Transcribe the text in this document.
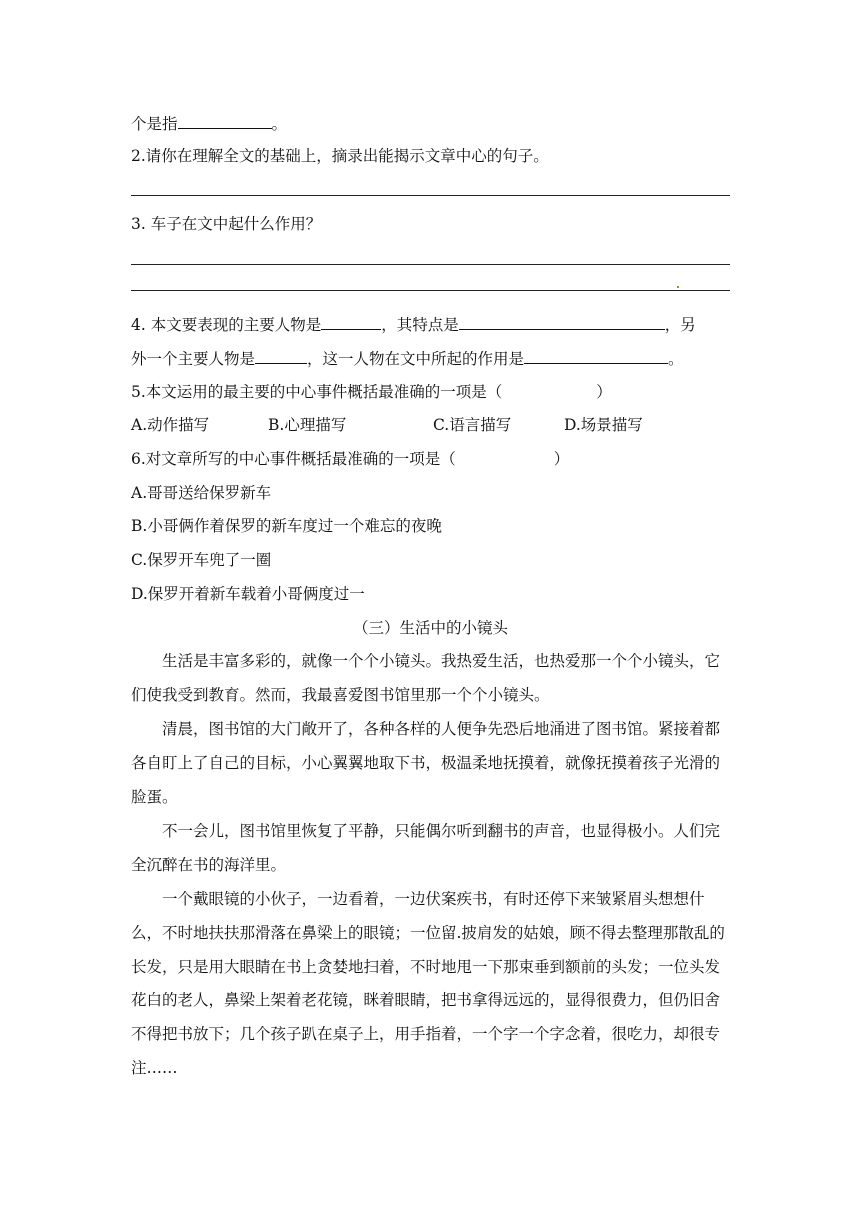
个是指	。
2.请你在理解全文的基础上，摘录出能揭示文章中心的句子。
3. 车子在文中起什么作用？
4. 本文要表现的主要人物是	，其特点是	，另
外一个主要人物是	，这一人物在文中所起的作用是	。
5.本文运用的最主要的中心事件概括最准确的一项是（	）
A.动作描写	B.心理描写	C.语言描写	D.场景描写
6.对文章所写的中心事件概括最准确的一项是（	）
A.哥哥送给保罗新车
B.小哥俩作着保罗的新车度过一个难忘的夜晚
C.保罗开车兜了一圈
D.保罗开着新车载着小哥俩度过一
（三）生活中的小镜头
生活是丰富多彩的，就像一个个小镜头。我热爱生活，也热爱那一个个小镜头，它们使我受到教育。然而，我最喜爱图书馆里那一个个小镜头。
清晨，图书馆的大门敞开了，各种各样的人便争先恐后地涌进了图书馆。紧接着都各自盯上了自己的目标，小心翼翼地取下书，极温柔地抚摸着，就像抚摸着孩子光滑的脸蛋。
不一会儿，图书馆里恢复了平静，只能偶尔听到翻书的声音，也显得极小。人们完全沉醉在书的海洋里。
一个戴眼镜的小伙子，一边看着，一边伏案疾书，有时还停下来皱紧眉头想想什么，不时地扶扶那滑落在鼻梁上的眼镜；一位留.披肩发的姑娘，顾不得去整理那散乱的长发，只是用大眼睛在书上贪婪地扫着，不时地甩一下那束垂到额前的头发；一位头发花白的老人，鼻梁上架着老花镜，眯着眼睛，把书拿得远远的，显得很费力，但仍旧舍不得把书放下；几个孩子趴在桌子上，用手指着，一个字一个字念着，很吃力，却很专注……
